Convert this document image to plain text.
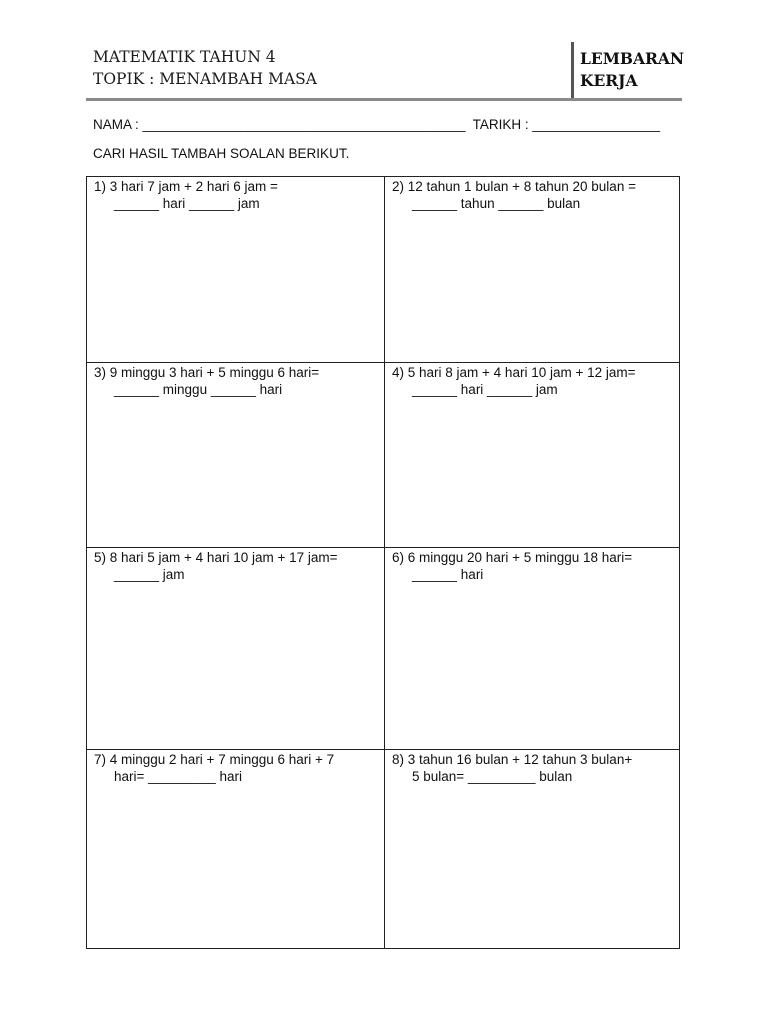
MATEMATIK TAHUN 4
TOPIK : MENAMBAH MASA
LEMBARAN
KERJA
NAMA : ___________________________________________  TARIKH : _________________
CARI HASIL TAMBAH SOALAN BERIKUT.
1) 3 hari 7 jam + 2 hari 6 jam =
______ hari ______ jam
2) 12 tahun 1 bulan + 8 tahun 20 bulan =
______ tahun ______ bulan
3) 9 minggu 3 hari + 5 minggu 6 hari=
______ minggu ______ hari
4) 5 hari 8 jam + 4 hari 10 jam + 12 jam=
______ hari ______ jam
5) 8 hari 5 jam + 4 hari 10 jam + 17 jam=
______ jam
6) 6 minggu 20 hari + 5 minggu 18 hari=
______ hari
7) 4 minggu 2 hari + 7 minggu 6 hari + 7
hari= _________ hari
8) 3 tahun 16 bulan + 12 tahun 3 bulan+
5 bulan= _________ bulan
